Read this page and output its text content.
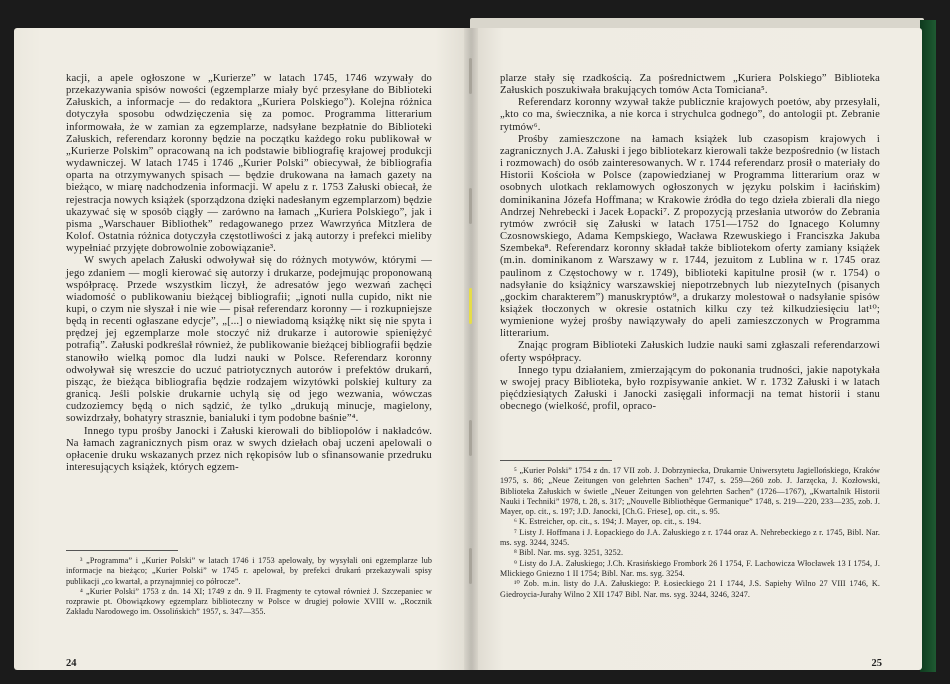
kacji, a apele ogłoszone w „Kurierze” w latach 1745, 1746 wzywały do przekazywania spisów nowości (egzemplarze miały być przesyłane do Biblioteki Załuskich, a informacje — do redaktora „Kuriera Polskiego”). Kolejna różnica dotyczyła sposobu odwdzięczenia się za pomoc. Programma litterarium informowała, że w zamian za egzemplarze, nadsyłane bezpłatnie do Biblioteki Załuskich, referendarz koronny będzie na początku każdego roku publikował w „Kurierze Polskim” opracowaną na ich podstawie bibliografię krajowej produkcji wydawniczej. W latach 1745 i 1746 „Kurier Polski” obiecywał, że bibliografia oparta na otrzymywanych spisach — będzie drukowana na łamach gazety na bieżąco, w miarę nadchodzenia informacji. W apelu z r. 1753 Załuski obiecał, że rejestracja nowych książek (sporządzona dzięki nadesłanym egzemplarzom) będzie ukazywać się w sposób ciągły — zarówno na łamach „Kuriera Polskiego”, jak i pisma „Warschauer Bibliothek” redagowanego przez Wawrzyńca Mitzlera de Kolof. Ostatnia różnica dotyczyła częstotliwości z jaką autorzy i prefekci mieliby wypełniać przyjęte dobrowolnie zobowiązanie³.

W swych apelach Załuski odwoływał się do różnych motywów, którymi — jego zdaniem — mogli kierować się autorzy i drukarze, podejmując proponowaną współpracę. Przede wszystkim liczył, że adresatów jego wezwań zachęci wiadomość o publikowaniu bieżącej bibliografii; „ignoti nulla cupido, nikt nie kupi, o czym nie słyszał i nie wie — pisał referendarz koronny — i rozkupniejsze będą in recenti ogłaszane edycje”, „[...] o niewiadomą książkę nikt się nie spyta i prędzej jej egzemplarze mole stoczyć niż drukarze i autorowie spieniężyć potrafią”. Załuski podkreślał również, że publikowanie bieżącej bibliografii będzie stanowiło wielką pomoc dla ludzi nauki w Polsce. Referendarz koronny odwoływał się wreszcie do uczuć patriotycznych autorów i prefektów drukarń, pisząc, że bieżąca bibliografia będzie rodzajem wizytówki polskiej kultury za granicą. Jeśli polskie drukarnie uchylą się od jego wezwania, wówczas cudzoziemcy będą o nich sądzić, że tylko „drukują minucje, magielony, sowizdrzały, bohatyry strasznie, banialuki i tym podobne baśnie”⁴.

Innego typu prośby Janocki i Załuski kierowali do bibliopolów i nakładców. Na łamach zagranicznych pism oraz w swych dziełach obaj uczeni apelowali o opłacenie druku wskazanych przez nich rękopisów lub o sfinansowanie przedruku interesujących książek, których egzem-

³ „Programma” i „Kurier Polski” w latach 1746 i 1753 apelowały, by wysyłali oni egzemplarze lub informacje na bieżąco; „Kurier Polski” w 1745 r. apelował, by prefekci drukarń przekazywali spisy publikacji „co kwartał, a przynajmniej co półrocze”.

⁴ „Kurier Polski” 1753 z dn. 14 XI; 1749 z dn. 9 II. Fragmenty te cytował również J. Szczepaniec w rozprawie pt. Obowiązkowy egzemplarz biblioteczny w Polsce w drugiej połowie XVIII w. „Rocznik Zakładu Narodowego im. Ossolińskich” 1957, s. 347—355.

24

plarze stały się rzadkością. Za pośrednictwem „Kuriera Polskiego” Biblioteka Załuskich poszukiwała brakujących tomów Acta Tomiciana⁵.

Referendarz koronny wzywał także publicznie krajowych poetów, aby przesyłali, „kto co ma, świecznika, a nie korca i strychulca godnego”, do antologii pt. Zebranie rytmów⁶.

Prośby zamieszczone na łamach książek lub czasopism krajowych i zagranicznych J.A. Załuski i jego bibliotekarz kierowali także bezpośrednio (w listach i rozmowach) do osób zainteresowanych. W r. 1744 referendarz prosił o materiały do Historii Kościoła w Polsce (zapowiedzianej w Programma litterarium oraz w osobnych ulotkach reklamowych ogłoszonych w języku polskim i łacińskim) dominikanina Józefa Hoffmana; w Krakowie źródła do tego dzieła zbierali dla niego Andrzej Nehrebecki i Jacek Łopacki⁷. Z propozycją przesłania utworów do Zebrania rytmów zwrócił się Załuski w latach 1751—1752 do Ignacego Kolumny Czosnowskiego, Adama Kempskiego, Wacława Rzewuskiego i Franciszka Jakuba Szembeka⁸. Referendarz koronny składał także bibliotekom oferty zamiany książek (m.in. dominikanom z Warszawy w r. 1744, jezuitom z Lublina w r. 1745 oraz paulinom z Częstochowy w r. 1749), biblioteki kapitulne prosił (w r. 1754) o nadsyłanie do książnicy warszawskiej niepotrzebnych lub niezyteInych (pisanych „gockim charakterem”) manuskryptów⁹, a drukarzy molestował o nadsyłanie spisów książek tłoczonych w okresie ostatnich kilku czy też kilkudziesięciu lat¹⁰; wymienione wyżej prośby nawiązywały do apeli zamieszczonych w Programma litterarium.

Znając program Biblioteki Załuskich ludzie nauki sami zgłaszali referendarzowi oferty współpracy.

Innego typu działaniem, zmierzającym do pokonania trudności, jakie napotykała w swojej pracy Biblioteka, było rozpisywanie ankiet. W r. 1732 Załuski i w latach pięćdziesiątych Załuski i Janocki zasięgali informacji na temat historii i stanu obecnego (wielkość, profil, opraco-

⁵ „Kurier Polski” 1754 z dn. 17 VII zob. J. Dobrzyniecka, Drukarnie Uniwersytetu Jagiellońskiego, Kraków 1975, s. 86; „Neue Zeitungen von gelehrten Sachen” 1747, s. 259—260 zob. J. Jarzęcka, J. Kozłowski, Biblioteka Załuskich w świetle „Neuer Zeitungen von gelehrten Sachen” (1726—1767), „Kwartalnik Historii Nauki i Techniki” 1978, t. 28, s. 317; „Nouvelle Bibliothèque Germanique” 1748, s. 219—220, 233—235, zob. J. Mayer, op. cit., s. 197; J.D. Janocki, [Ch.G. Friese], op. cit., s. 95.

⁶ K. Estreicher, op. cit., s. 194; J. Mayer, op. cit., s. 194.

⁷ Listy J. Hoffmana i J. Łopackiego do J.A. Załuskiego z r. 1744 oraz A. Nehrebeckiego z r. 1745, Bibl. Nar. ms. syg. 3244, 3245.

⁸ Bibl. Nar. ms. syg. 3251, 3252.

⁹ Listy do J.A. Załuskiego; J.Ch. Krasińskiego Frombork 26 I 1754, F. Lachowicza Włocławek 13 I 1754, J. Mlickiego Gniezno 1 II 1754; Bibl. Nar. ms. syg. 3254.

¹⁰ Zob. m.in. listy do J.A. Załuskiego: P. Łosieckiego 21 I 1744, J.S. Sapiehy Wilno 27 VIII 1746, K. Giedroycia-Jurahy Wilno 2 XII 1747 Bibl. Nar. ms. syg. 3244, 3246, 3247.

25
